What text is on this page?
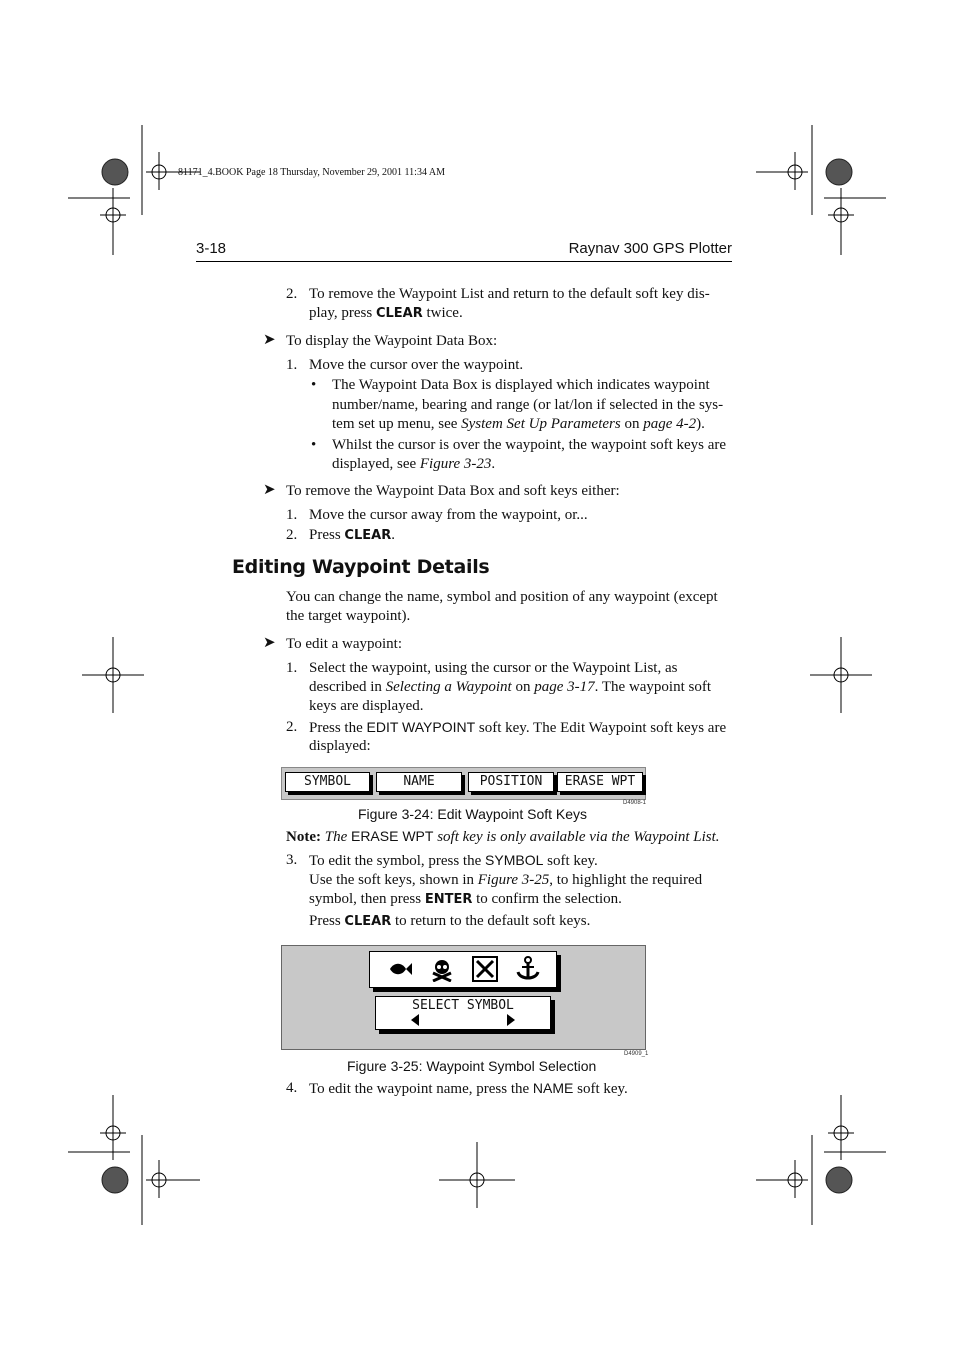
81171_4.BOOK Page 18 Thursday, November 29, 2001 11:34 AM
3-18	Raynav 300 GPS Plotter
2. To remove the Waypoint List and return to the default soft key dis-
play, press CLEAR twice.
➤ To display the Waypoint Data Box:
1. Move the cursor over the waypoint.
• The Waypoint Data Box is displayed which indicates waypoint
number/name, bearing and range (or lat/lon if selected in the sys-
tem set up menu, see System Set Up Parameters on page 4-2).
• Whilst the cursor is over the waypoint, the waypoint soft keys are
displayed, see Figure 3-23.
➤ To remove the Waypoint Data Box and soft keys either:
1. Move the cursor away from the waypoint, or...
2. Press CLEAR.
Editing Waypoint Details
You can change the name, symbol and position of any waypoint (except
the target waypoint).
➤ To edit a waypoint:
1. Select the waypoint, using the cursor or the Waypoint List, as
described in Selecting a Waypoint on page 3-17. The waypoint soft
keys are displayed.
2. Press the EDIT WAYPOINT soft key. The Edit Waypoint soft keys are
displayed:
SYMBOL	NAME	POSITION	ERASE WPT
D4908-1
Figure 3-24: Edit Waypoint Soft Keys
Note: The ERASE WPT soft key is only available via the Waypoint List.
3. To edit the symbol, press the SYMBOL soft key.
Use the soft keys, shown in Figure 3-25, to highlight the required
symbol, then press ENTER to confirm the selection.
Press CLEAR to return to the default soft keys.
SELECT SYMBOL
D4909_1
Figure 3-25: Waypoint Symbol Selection
4. To edit the waypoint name, press the NAME soft key.
